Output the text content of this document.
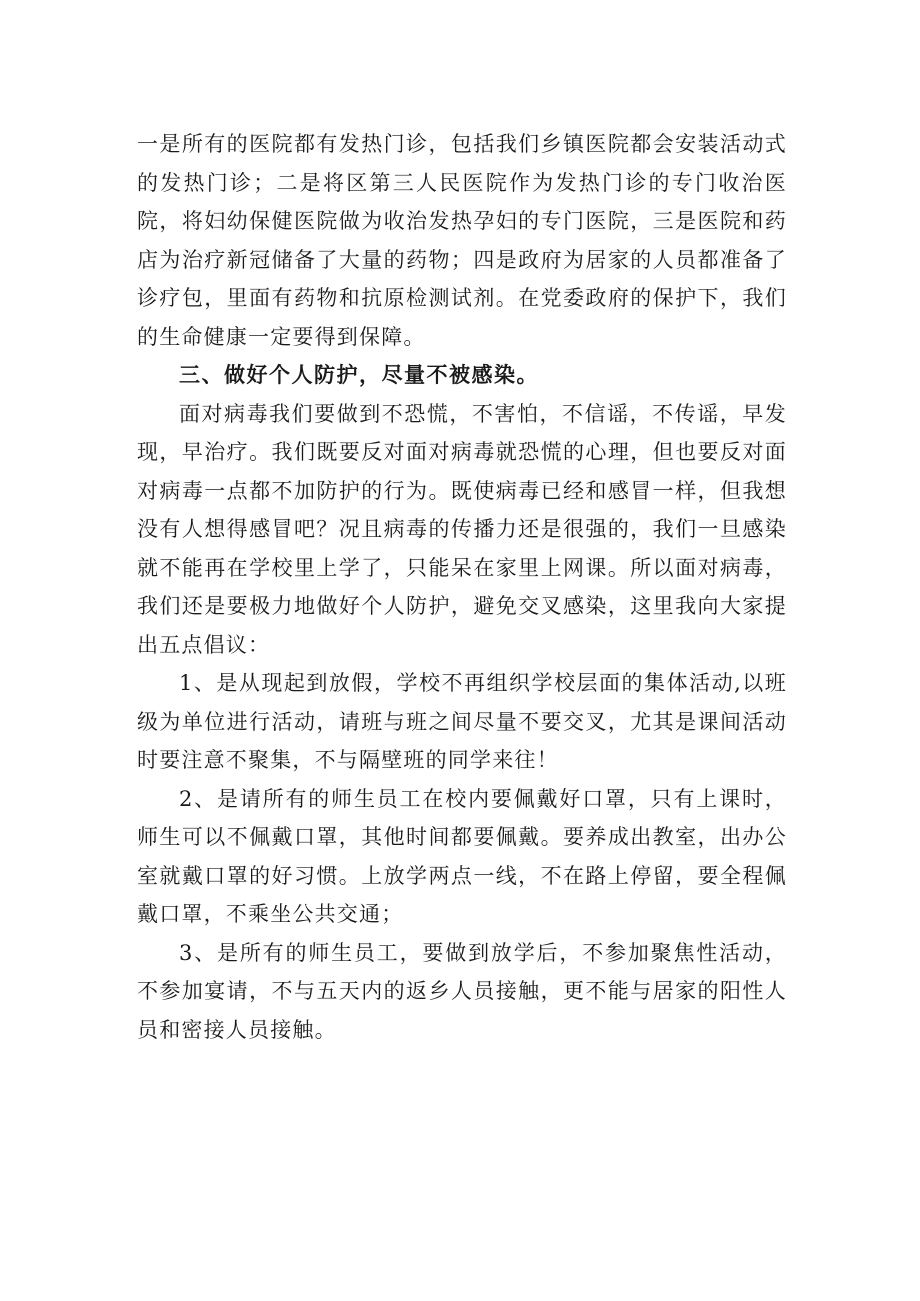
一是所有的医院都有发热门诊，包括我们乡镇医院都会安装活动式的发热门诊；二是将区第三人民医院作为发热门诊的专门收治医院，将妇幼保健医院做为收治发热孕妇的专门医院，三是医院和药店为治疗新冠储备了大量的药物；四是政府为居家的人员都准备了诊疗包，里面有药物和抗原检测试剂。在党委政府的保护下，我们的生命健康一定要得到保障。

三、做好个人防护，尽量不被感染。

面对病毒我们要做到不恐慌，不害怕，不信谣，不传谣，早发现，早治疗。我们既要反对面对病毒就恐慌的心理，但也要反对面对病毒一点都不加防护的行为。既使病毒已经和感冒一样，但我想没有人想得感冒吧？况且病毒的传播力还是很强的，我们一旦感染就不能再在学校里上学了，只能呆在家里上网课。所以面对病毒，我们还是要极力地做好个人防护，避免交叉感染，这里我向大家提出五点倡议：

1、是从现起到放假，学校不再组织学校层面的集体活动,以班级为单位进行活动，请班与班之间尽量不要交叉，尤其是课间活动时要注意不聚集，不与隔壁班的同学来往！

2、是请所有的师生员工在校内要佩戴好口罩，只有上课时，师生可以不佩戴口罩，其他时间都要佩戴。要养成出教室，出办公室就戴口罩的好习惯。上放学两点一线，不在路上停留，要全程佩戴口罩，不乘坐公共交通；

3、是所有的师生员工，要做到放学后，不参加聚焦性活动，不参加宴请，不与五天内的返乡人员接触，更不能与居家的阳性人员和密接人员接触。
